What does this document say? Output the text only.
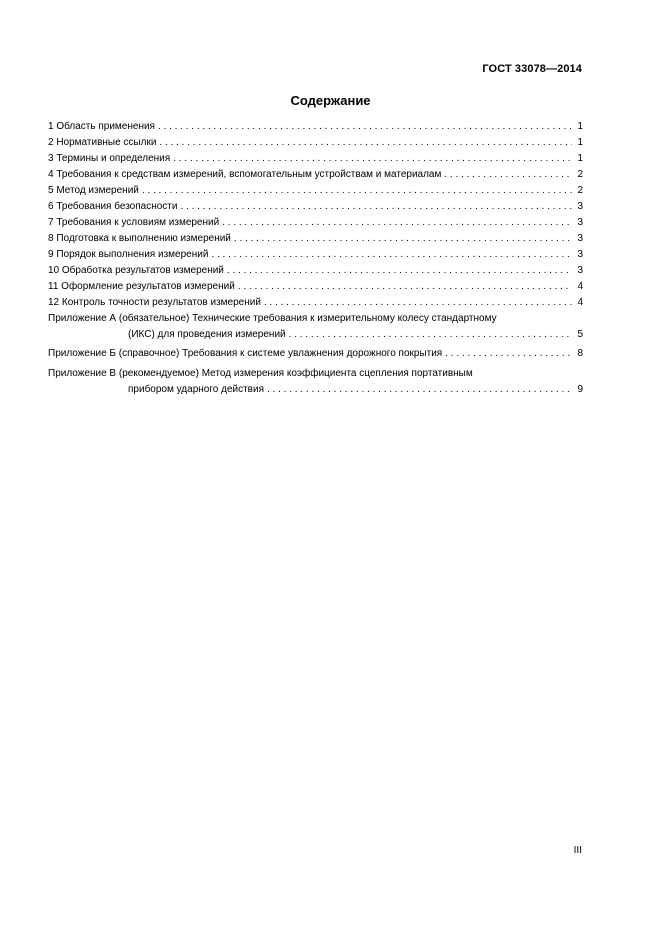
ГОСТ 33078—2014
Содержание
1 Область применения . . .	1
2 Нормативные ссылки . . .	1
3 Термины и определения . . .	1
4 Требования к средствам измерений, вспомогательным устройствам и материалам . . .	2
5 Метод измерений . . .	2
6 Требования безопасности . . .	3
7 Требования к условиям измерений . . .	3
8 Подготовка к выполнению измерений . . .	3
9 Порядок выполнения измерений . . .	3
10 Обработка результатов измерений . . .	3
11 Оформление результатов измерений . . .	4
12 Контроль точности результатов измерений . . .	4
Приложение А (обязательное) Технические требования к измерительному колесу стандартному
(ИКС) для проведения измерений . . .	5
Приложение Б (справочное) Требования к системе увлажнения дорожного покрытия . . .	8
Приложение В (рекомендуемое) Метод измерения коэффициента сцепления портативным
прибором ударного действия . . .	9
III
